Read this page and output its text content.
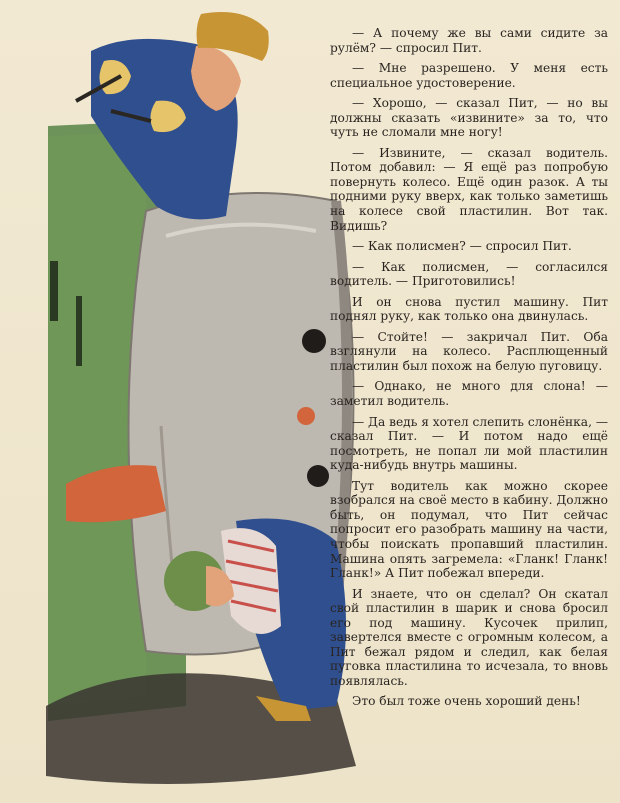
— А почему же вы сами сидите за рулём? — спросил Пит.

— Мне разрешено. У меня есть специальное удостоверение.

— Хорошо, — сказал Пит, — но вы должны сказать «извините» за то, что чуть не сломали мне ногу!

— Извините, — сказал водитель. Потом добавил: — Я ещё раз попробую повернуть колесо. Ещё один разок. А ты подними руку вверх, как только заметишь на колесе свой пластилин. Вот так. Видишь?

— Как полисмен? — спросил Пит.

— Как полисмен, — согласился водитель. — Приготовились!

И он снова пустил машину. Пит поднял руку, как только она двинулась.

— Стойте! — закричал Пит. Оба взглянули на колесо. Расплющенный пластилин был похож на белую пуговицу.

— Однако, не много для слона! — заметил водитель.

— Да ведь я хотел слепить слонёнка, — сказал Пит. — И потом надо ещё посмотреть, не попал ли мой пластилин куда-нибудь внутрь машины.

Тут водитель как можно скорее взобрался на своё место в кабину. Должно быть, он подумал, что Пит сейчас попросит его разобрать машину на части, чтобы поискать пропавший пластилин. Машина опять загремела: «Гланк! Гланк! Гланк!» А Пит побежал впереди.

И знаете, что он сделал? Он скатал свой пластилин в шарик и снова бросил его под машину. Кусочек прилип, завертелся вместе с огромным колесом, а Пит бежал рядом и следил, как белая пуговка пластилина то исчезала, то вновь появлялась.

Это был тоже очень хороший день!
